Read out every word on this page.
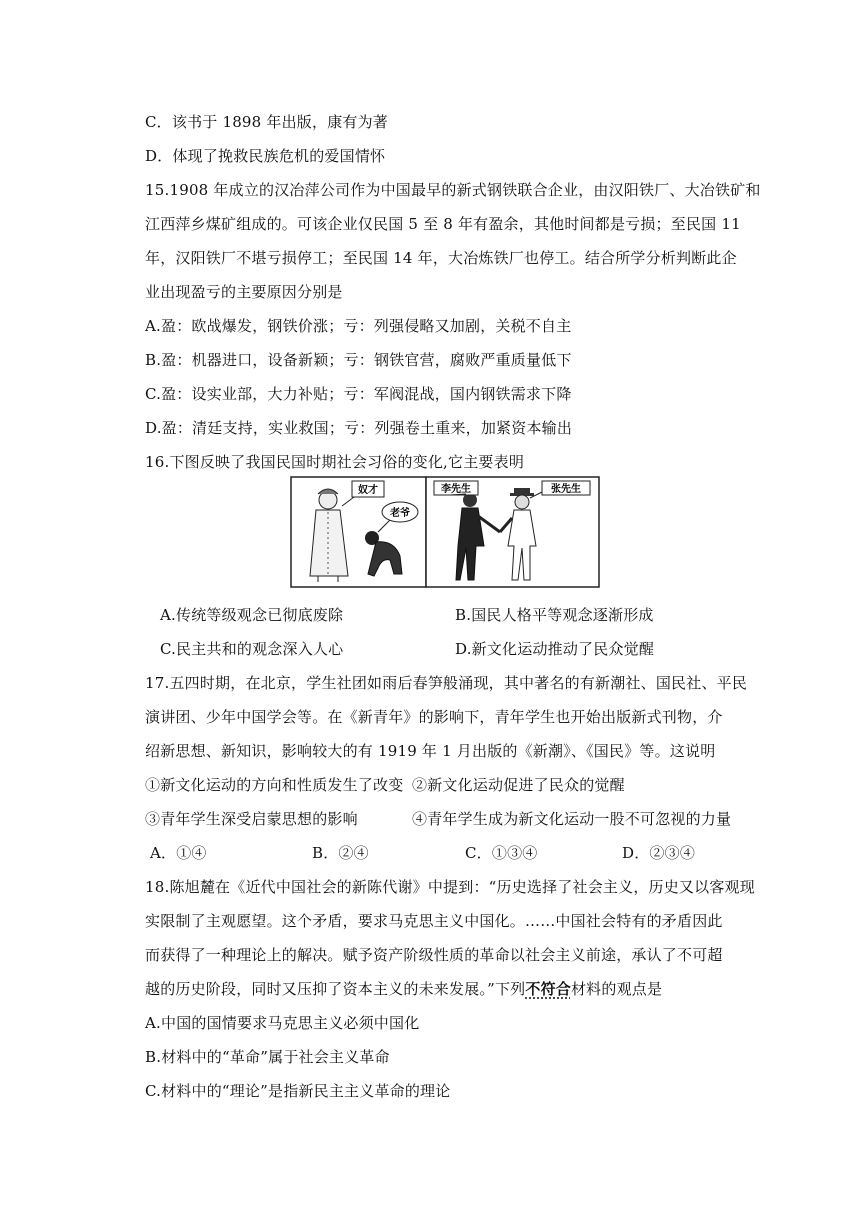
C．该书于 1898 年出版，康有为著
D．体现了挽救民族危机的爱国情怀
15.1908 年成立的汉冶萍公司作为中国最早的新式钢铁联合企业，由汉阳铁厂、大冶铁矿和
江西萍乡煤矿组成的。可该企业仅民国 5 至 8 年有盈余，其他时间都是亏损；至民国 11
年，汉阳铁厂不堪亏损停工；至民国 14 年，大冶炼铁厂也停工。结合所学分析判断此企
业出现盈亏的主要原因分别是
A.盈：欧战爆发，钢铁价涨；亏：列强侵略又加剧，关税不自主
B.盈：机器进口，设备新颖；亏：钢铁官营，腐败严重质量低下
C.盈：设实业部，大力补贴；亏：军阀混战，国内钢铁需求下降
D.盈：清廷支持，实业救国；亏：列强卷土重来，加紧资本输出
16.下图反映了我国民国时期社会习俗的变化,它主要表明
奴才
老爷
李先生	张先生
A.传统等级观念已彻底废除	B.国民人格平等观念逐渐形成
C.民主共和的观念深入人心	D.新文化运动推动了民众觉醒
17.五四时期，在北京，学生社团如雨后春笋般涌现，其中著名的有新潮社、国民社、平民
演讲团、少年中国学会等。在《新青年》的影响下，青年学生也开始出版新式刊物，介
绍新思想、新知识，影响较大的有 1919 年 1 月出版的《新潮》、《国民》等。这说明
①新文化运动的方向和性质发生了改变 ②新文化运动促进了民众的觉醒
③青年学生深受启蒙思想的影响	④青年学生成为新文化运动一股不可忽视的力量
A．①④	B．②④	C．①③④	D．②③④
18.陈旭麓在《近代中国社会的新陈代谢》中提到：“历史选择了社会主义，历史又以客观现
实限制了主观愿望。这个矛盾，要求马克思主义中国化。……中国社会特有的矛盾因此
而获得了一种理论上的解决。赋予资产阶级性质的革命以社会主义前途，承认了不可超
越的历史阶段，同时又压抑了资本主义的未来发展。”下列不符合材料的观点是
A.中国的国情要求马克思主义必须中国化
B.材料中的“革命”属于社会主义革命
C.材料中的“理论”是指新民主主义革命的理论
